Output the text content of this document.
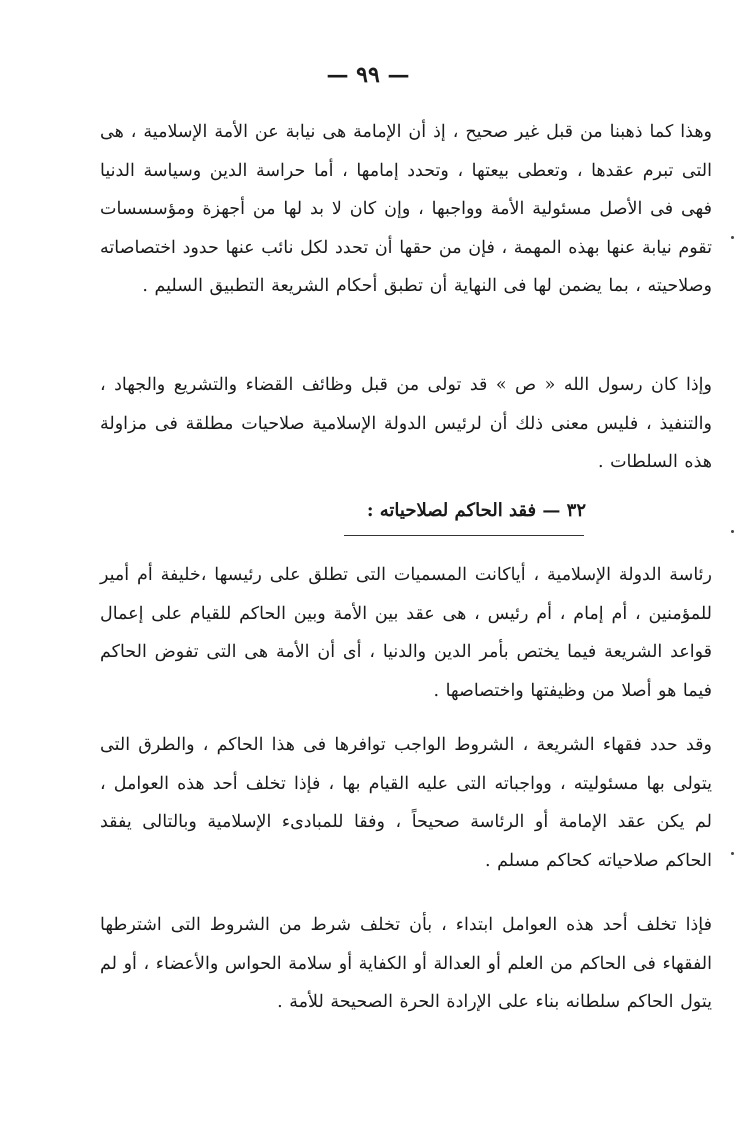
— ٩٩ —

وهذا كما ذهبنا من قبل غير صحيح ، إذ أن الإمامة هى نيابة عن الأمة الإسلامية ، هى التى تبرم عقدها ، وتعطى بيعتها ، وتحدد إمامها ، أما حراسة الدين وسياسة الدنيا فهى فى الأصل مسئولية الأمة وواجبها ، وإن كان لا بد لها من أجهزة ومؤسسسات تقوم نيابة عنها بهذه المهمة ، فإن من حقها أن تحدد لكل نائب عنها حدود اختصاصاته وصلاحيته ، بما يضمن لها فى النهاية أن تطبق أحكام الشريعة التطبيق السليم .

وإذا كان رسول الله « ص » قد تولى من قبل وظائف القضاء والتشريع والجهاد ، والتنفيذ ، فليس معنى ذلك أن لرئيس الدولة الإسلامية صلاحيات مطلقة فى مزاولة هذه السلطات .

٣٢ — فقد الحاكم لصلاحياته :

رئاسة الدولة الإسلامية ، أياكانت المسميات التى تطلق على رئيسها ،خليفة أم أمير للمؤمنين ، أم إمام ، أم رئيس ، هى عقد بين الأمة وبين الحاكم للقيام على إعمال قواعد الشريعة فيما يختص بأمر الدين والدنيا ، أى أن الأمة هى التى تفوض الحاكم فيما هو أصلا من وظيفتها واختصاصها .

وقد حدد فقهاء الشريعة ، الشروط الواجب توافرها فى هذا الحاكم ، والطرق التى يتولى بها مسئوليته ، وواجباته التى عليه القيام بها ، فإذا تخلف أحد هذه العوامل ، لم يكن عقد الإمامة أو الرئاسة صحيحاً ، وفقا للمبادىء الإسلامية وبالتالى يفقد الحاكم صلاحياته كحاكم مسلم .

فإذا تخلف أحد هذه العوامل ابتداء ، بأن تخلف شرط من الشروط التى اشترطها الفقهاء فى الحاكم من العلم أو العدالة أو الكفاية أو سلامة الحواس والأعضاء ، أو لم يتول الحاكم سلطانه بناء على الإرادة الحرة الصحيحة للأمة .
